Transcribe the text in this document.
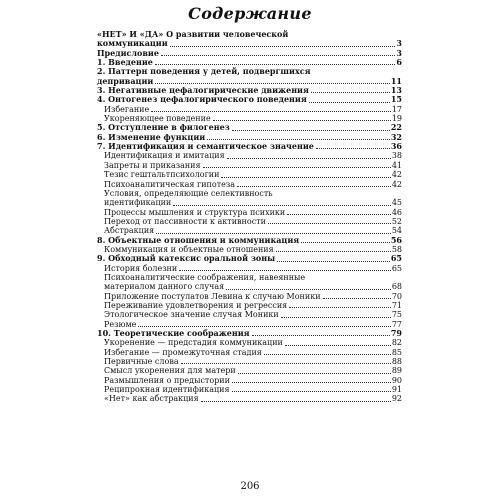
Содержание
«НЕТ» И «ДА» О развитии человеческой
коммуникации	3
Предисловие	3
1. Введение	6
2. Паттерн поведения у детей, подвергшихся
депривации	11
3. Негативные цефалогирические движения	13
4. Онтогенез цефалогирического поведения	15
Избегание	17
Укореняющее поведение	19
5. Отступление в филогенез	22
6. Изменение функции	32
7. Идентификация и семантическое значение	36
Идентификация и имитация	38
Запреты и приказания	41
Тезис гештальтпсихологии	42
Психоаналитическая гипотеза	42
Условия, определяющие селективность
идентификации	45
Процессы мышления и структура психики	46
Переход от пассивности к активности	52
Абстракция	54
8. Объектные отношения и коммуникация	56
Коммуникация и объектные отношения	58
9. Обходный катексис оральной зоны	65
История болезни	65
Психоаналитические соображения, навеянные
материалом данного случая	68
Приложение постулатов Левина к случаю Моники	70
Переживание удовлетворения и регрессия	71
Этологическое значение случая Моники	75
Резюме	77
10. Теоретические соображения	79
Укоренение — предстадия коммуникации	82
Избегание — промежуточная стадия	85
Первичные слова	88
Смысл укоренения для матери	89
Размышления о предыстории	90
Реципрокная идентификация	91
«Нет» как абстракция	92
206
